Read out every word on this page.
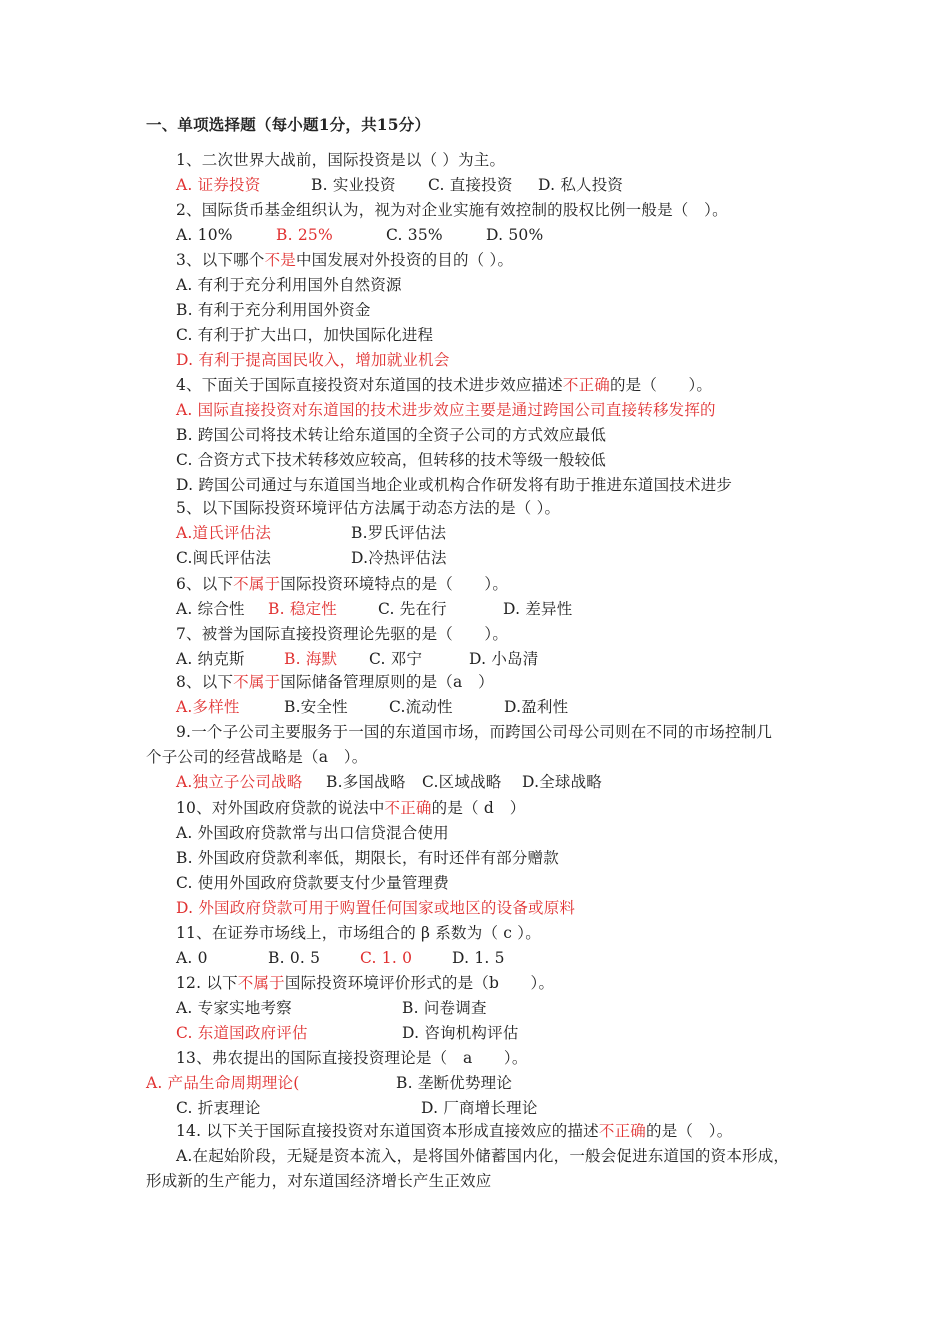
一、单项选择题（每小题1分，共15分）
1、二次世界大战前，国际投资是以（ ）为主。
A. 证券投资	B. 实业投资 C. 直接投资 D. 私人投资
2、国际货币基金组织认为，视为对企业实施有效控制的股权比例一般是（　）。
A. 10%	B. 25%	C. 35%	D. 50%
3、以下哪个不是中国发展对外投资的目的（ ）。
A. 有利于充分利用国外自然资源
B. 有利于充分利用国外资金
C. 有利于扩大出口，加快国际化进程
D. 有利于提高国民收入，增加就业机会
4、下面关于国际直接投资对东道国的技术进步效应描述不正确的是（　　）。
A. 国际直接投资对东道国的技术进步效应主要是通过跨国公司直接转移发挥的
B. 跨国公司将技术转让给东道国的全资子公司的方式效应最低
C. 合资方式下技术转移效应较高，但转移的技术等级一般较低
D. 跨国公司通过与东道国当地企业或机构合作研发将有助于推进东道国技术进步
5、以下国际投资环境评估方法属于动态方法的是（ ）。
A.道氏评估法	B.罗氏评估法
C.闽氏评估法	D.冷热评估法
6、以下不属于国际投资环境特点的是（　　）。
A. 综合性 B. 稳定性	C. 先在行	D. 差异性
7、被誉为国际直接投资理论先驱的是（　　）。
A. 纳克斯	B. 海默 C. 邓宁	D. 小岛清
8、以下不属于国际储备管理原则的是（a　）
A.多样性	B.安全性	C.流动性	D.盈利性
9.一个子公司主要服务于一国的东道国市场，而跨国公司母公司则在不同的市场控制几
个子公司的经营战略是（a　）。
A.独立子公司战略 B.多国战略 C.区域战略 D.全球战略
10、对外国政府贷款的说法中不正确的是（ d　）
A. 外国政府贷款常与出口信贷混合使用
B. 外国政府贷款利率低，期限长，有时还伴有部分赠款
C. 使用外国政府贷款要支付少量管理费
D. 外国政府贷款可用于购置任何国家或地区的设备或原料
11、在证券市场线上，市场组合的 β 系数为（ c ）。
A. 0	B. 0. 5	C. 1. 0	D. 1. 5
12. 以下不属于国际投资环境评价形式的是（b　　）。
A. 专家实地考察	B. 问卷调查
C. 东道国政府评估	D. 咨询机构评估
13、弗农提出的国际直接投资理论是（　a　　）。
A. 产品生命周期理论(	B. 垄断优势理论
C. 折衷理论	D. 厂商增长理论
14. 以下关于国际直接投资对东道国资本形成直接效应的描述不正确的是（　）。
A.在起始阶段，无疑是资本流入，是将国外储蓄国内化，一般会促进东道国的资本形成，
形成新的生产能力，对东道国经济增长产生正效应
